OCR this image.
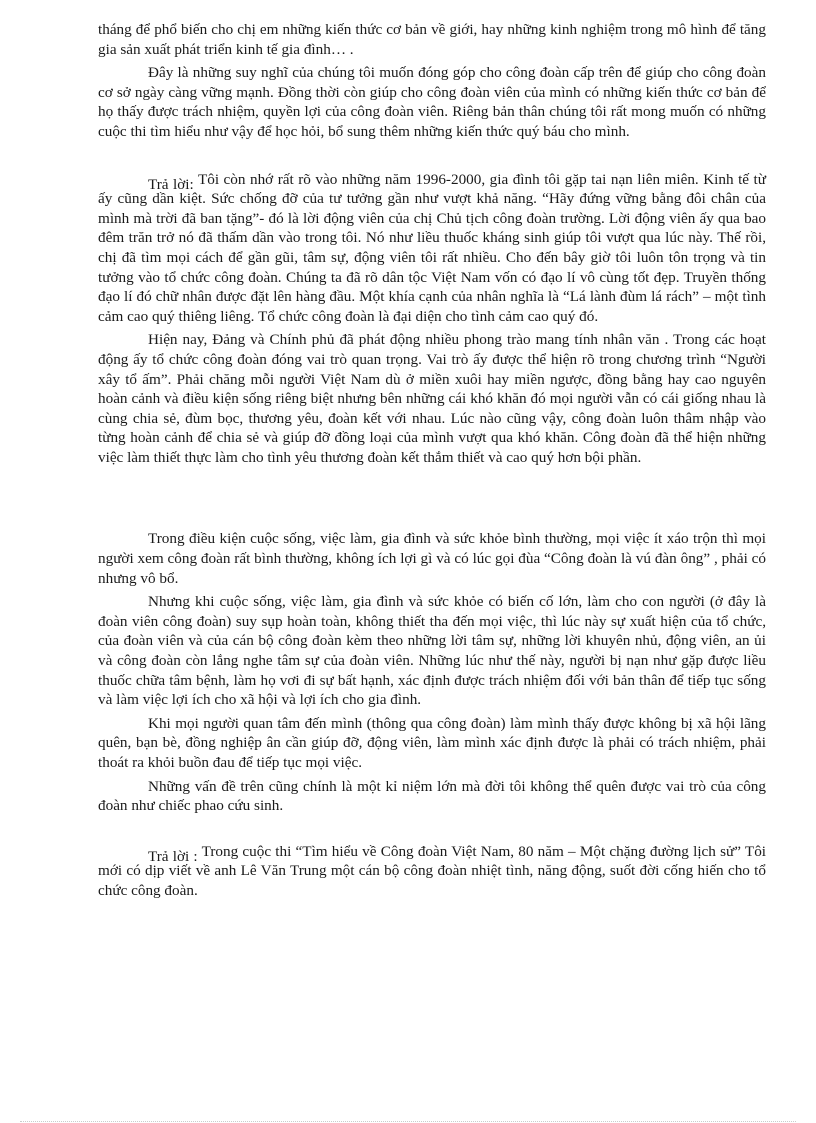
tháng để phổ biến cho chị em những kiến thức cơ bản về giới, hay những kinh nghiệm trong mô hình để tăng gia sản xuất phát triển kinh tế gia đình… .

Đây là những suy nghĩ của chúng tôi muốn đóng góp cho công đoàn cấp trên để giúp cho công đoàn cơ sở ngày càng vững mạnh. Đồng thời còn giúp cho công đoàn viên của mình có những kiến thức cơ bản để họ thấy được trách nhiệm, quyền lợi của công đoàn viên. Riêng bản thân chúng tôi rất mong muốn có những cuộc thi tìm hiểu như vậy để học hỏi, bổ sung thêm những kiến thức quý báu cho mình.

Trả lời: Tôi còn nhớ rất rõ vào những năm 1996-2000, gia đình tôi gặp tai nạn liên miên. Kinh tế từ ấy cũng dần kiệt. Sức chống đỡ của tư tưởng gần như vượt khả năng. “Hãy đứng vững bằng đôi chân của mình mà trời đã ban tặng”- đó là lời động viên của chị Chủ tịch công đoàn trường. Lời động viên ấy qua bao đêm trăn trở nó đã thấm dần vào trong tôi. Nó như liều thuốc kháng sinh giúp tôi vượt qua lúc này. Thế rồi, chị đã tìm mọi cách để gần gũi, tâm sự, động viên tôi rất nhiều. Cho đến bây giờ tôi luôn tôn trọng và tin tưởng vào tổ chức công đoàn. Chúng ta đã rõ dân tộc Việt Nam vốn có đạo lí vô cùng tốt đẹp. Truyền thống đạo lí đó chữ nhân được đặt lên hàng đầu. Một khía cạnh của nhân nghĩa là “Lá lành đùm lá rách” – một tình cảm cao quý thiêng liêng. Tổ chức công đoàn là đại diện cho tình cảm cao quý đó.

Hiện nay, Đảng và Chính phủ đã phát động nhiều phong trào mang tính nhân văn . Trong các hoạt động ấy tổ chức công đoàn đóng vai trò quan trọng. Vai trò ấy được thể hiện rõ trong chương trình “Người xây tổ ấm”. Phải chăng mỗi người Việt Nam dù ở miền xuôi hay miền ngược, đồng bằng hay cao nguyên hoàn cảnh và điều kiện sống riêng biệt nhưng bên những cái khó khăn đó mọi người vẫn có cái giống nhau là cùng chia sẻ, đùm bọc, thương yêu, đoàn kết với nhau. Lúc nào cũng vậy, công đoàn luôn thâm nhập vào từng hoàn cảnh để chia sẻ và giúp đỡ đồng loại của mình vượt qua khó khăn. Công đoàn đã thể hiện những việc làm thiết thực làm cho tình yêu thương đoàn kết thắm thiết và cao quý hơn bội phần.

Trong điều kiện cuộc sống, việc làm, gia đình và sức khỏe bình thường, mọi việc ít xáo trộn thì mọi người xem công đoàn rất bình thường, không ích lợi gì và có lúc gọi đùa “Công đoàn là vú đàn ông” , phải có nhưng vô bổ.

Nhưng khi cuộc sống, việc làm, gia đình và sức khỏe có biến cố lớn, làm cho con người (ở đây là đoàn viên công đoàn) suy sụp hoàn toàn, không thiết tha đến mọi việc, thì lúc này sự xuất hiện của tổ chức, của đoàn viên và của cán bộ công đoàn kèm theo những lời tâm sự, những lời khuyên nhủ, động viên, an ủi và công đoàn còn lắng nghe tâm sự của đoàn viên. Những lúc như thế này, người bị nạn như gặp được liều thuốc chữa tâm bệnh, làm họ vơi đi sự bất hạnh, xác định được trách nhiệm đối với bản thân để tiếp tục sống và làm việc lợi ích cho xã hội và lợi ích cho gia đình.

Khi mọi người quan tâm đến mình (thông qua công đoàn) làm mình thấy được không bị xã hội lãng quên, bạn bè, đồng nghiệp ân cần giúp đỡ, động viên, làm mình xác định được là phải có trách nhiệm, phải thoát ra khỏi buồn đau để tiếp tục mọi việc.

Những vấn đề trên cũng chính là một kỉ niệm lớn mà đời tôi không thể quên được vai trò của công đoàn như chiếc phao cứu sinh.

Trả lời : Trong cuộc thi “Tìm hiểu về Công đoàn Việt Nam, 80 năm – Một chặng đường lịch sử” Tôi mới có dịp viết về anh Lê Văn Trung một cán bộ công đoàn nhiệt tình, năng động, suốt đời cống hiến cho tổ chức công đoàn.
